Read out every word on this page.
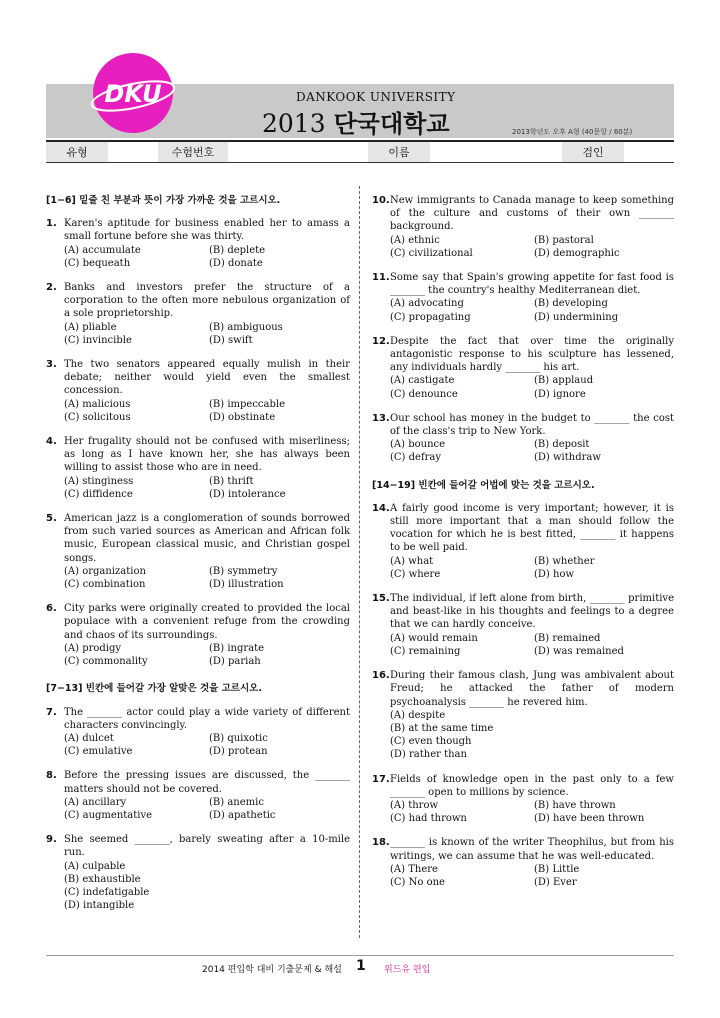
DKU	DANKOOK UNIVERSITY
2013 단국대학교	2013학년도 오후 A형 (40문항 / 60분)
유형	수험번호	이름	검인
[1−6] 밑줄 친 부분과 뜻이 가장 가까운 것을 고르시오.
1. Karen's aptitude for business enabled her to amass a small fortune before she was thirty.
(A) accumulate	(B) deplete
(C) bequeath	(D) donate
2. Banks and investors prefer the structure of a corporation to the often more nebulous organization of a sole proprietorship.
(A) pliable	(B) ambiguous
(C) invincible	(D) swift
3. The two senators appeared equally mulish in their debate; neither would yield even the smallest concession.
(A) malicious	(B) impeccable
(C) solicitous	(D) obstinate
4. Her frugality should not be confused with miserliness; as long as I have known her, she has always been willing to assist those who are in need.
(A) stinginess	(B) thrift
(C) diffidence	(D) intolerance
5. American jazz is a conglomeration of sounds borrowed from such varied sources as American and African folk music, European classical music, and Christian gospel songs.
(A) organization	(B) symmetry
(C) combination	(D) illustration
6. City parks were originally created to provided the local populace with a convenient refuge from the crowding and chaos of its surroundings.
(A) prodigy	(B) ingrate
(C) commonality	(D) pariah
[7−13] 빈칸에 들어갈 가장 알맞은 것을 고르시오.
7. The _______ actor could play a wide variety of different characters convincingly.
(A) dulcet	(B) quixotic
(C) emulative	(D) protean
8. Before the pressing issues are discussed, the _______ matters should not be covered.
(A) ancillary	(B) anemic
(C) augmentative	(D) apathetic
9. She seemed _______, barely sweating after a 10-mile run.
(A) culpable
(B) exhaustible
(C) indefatigable
(D) intangible
10. New immigrants to Canada manage to keep something of the culture and customs of their own _______ background.
(A) ethnic	(B) pastoral
(C) civilizational	(D) demographic
11. Some say that Spain's growing appetite for fast food is _______ the country's healthy Mediterranean diet.
(A) advocating	(B) developing
(C) propagating	(D) undermining
12. Despite the fact that over time the originally antagonistic response to his sculpture has lessened, any individuals hardly _______ his art.
(A) castigate	(B) applaud
(C) denounce	(D) ignore
13. Our school has money in the budget to _______ the cost of the class's trip to New York.
(A) bounce	(B) deposit
(C) defray	(D) withdraw
[14−19] 빈칸에 들어갈 어법에 맞는 것을 고르시오.
14. A fairly good income is very important; however, it is still more important that a man should follow the vocation for which he is best fitted, _______ it happens to be well paid.
(A) what	(B) whether
(C) where	(D) how
15. The individual, if left alone from birth, _______ primitive and beast-like in his thoughts and feelings to a degree that we can hardly conceive.
(A) would remain	(B) remained
(C) remaining	(D) was remained
16. During their famous clash, Jung was ambivalent about Freud; he attacked the father of modern psychoanalysis _______ he revered him.
(A) despite
(B) at the same time
(C) even though
(D) rather than
17. Fields of knowledge open in the past only to a few _______ open to millions by science.
(A) throw	(B) have thrown
(C) had thrown	(D) have been thrown
18. _______ is known of the writer Theophilus, but from his writings, we can assume that he was well-educated.
(A) There	(B) Little
(C) No one	(D) Ever
2014 편입학 대비 기출문제 & 해설 1 위드유 편입
